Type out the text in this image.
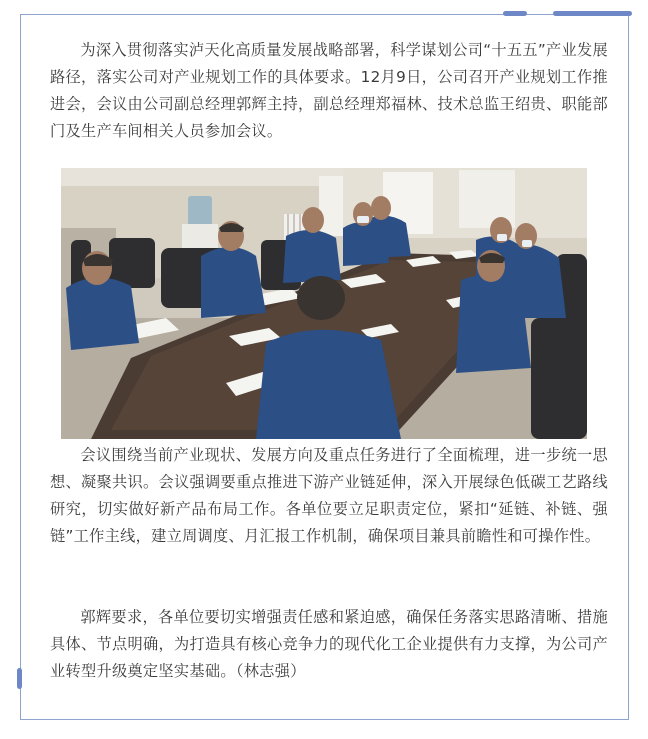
为深入贯彻落实泸天化高质量发展战略部署，科学谋划公司“十五五”产业发展路径，落实公司对产业规划工作的具体要求。12月9日，公司召开产业规划工作推进会，会议由公司副总经理郭辉主持，副总经理郑福林、技术总监王绍贵、职能部门及生产车间相关人员参加会议。

会议围绕当前产业现状、发展方向及重点任务进行了全面梳理，进一步统一思想、凝聚共识。会议强调要重点推进下游产业链延伸，深入开展绿色低碳工艺路线研究，切实做好新产品布局工作。各单位要立足职责定位，紧扣“延链、补链、强链”工作主线，建立周调度、月汇报工作机制，确保项目兼具前瞻性和可操作性。

郭辉要求，各单位要切实增强责任感和紧迫感，确保任务落实思路清晰、措施具体、节点明确，为打造具有核心竞争力的现代化工企业提供有力支撑，为公司产业转型升级奠定坚实基础。（林志强）
